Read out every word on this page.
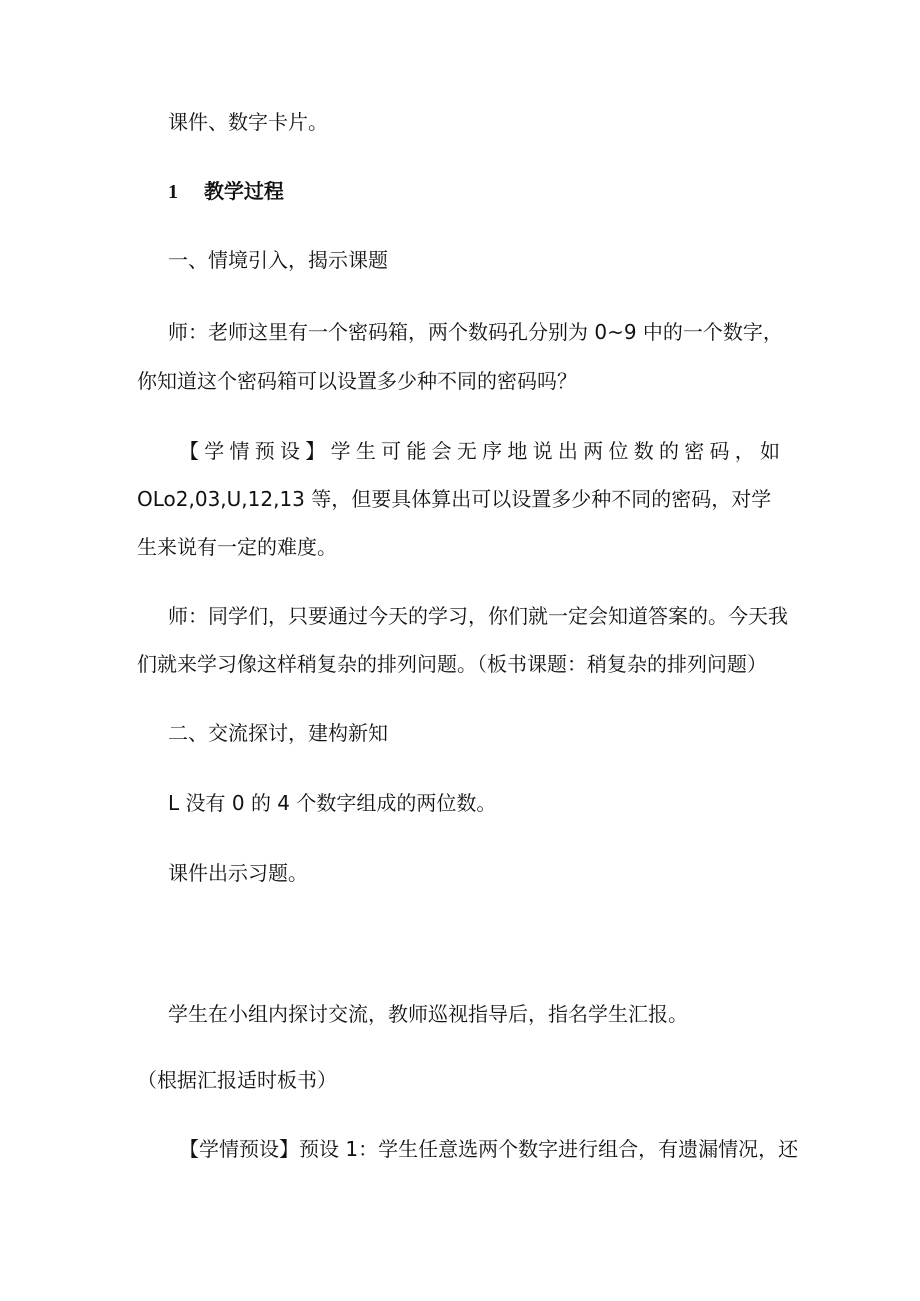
课件、数字卡片。
1 教学过程
一、情境引入，揭示课题
师：老师这里有一个密码箱，两个数码孔分别为 0~9 中的一个数字，
你知道这个密码箱可以设置多少种不同的密码吗？
【学情预设】学生可能会无序地说出两位数的密码，如
OLo2,03,U,12,13 等，但要具体算出可以设置多少种不同的密码，对学
生来说有一定的难度。
师：同学们，只要通过今天的学习，你们就一定会知道答案的。今天我
们就来学习像这样稍复杂的排列问题。（板书课题：稍复杂的排列问题）
二、交流探讨，建构新知
L 没有 0 的 4 个数字组成的两位数。
课件出示习题。
学生在小组内探讨交流，教师巡视指导后，指名学生汇报。
（根据汇报适时板书）
【学情预设】预设 1：学生任意选两个数字进行组合，有遗漏情况，还
